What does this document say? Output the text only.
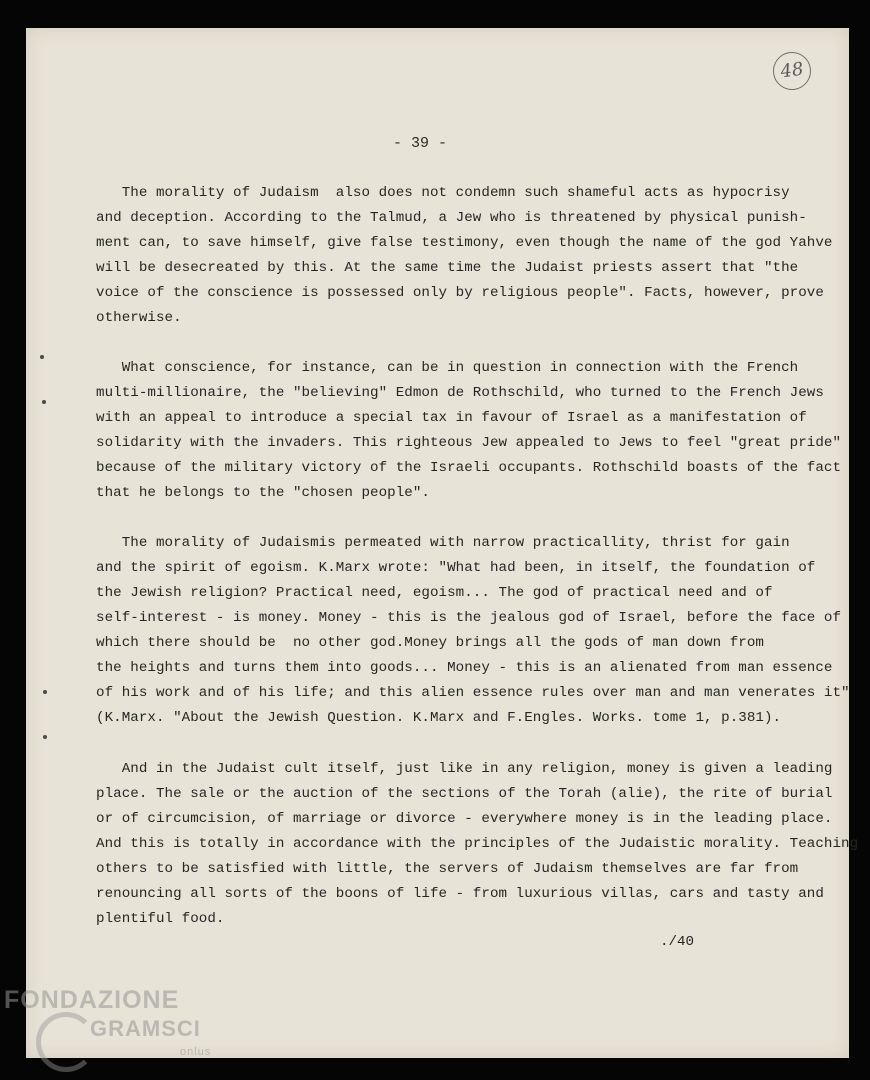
48
- 39 -
The morality of Judaism  also does not condemn such shameful acts as hypocrisy
and deception. According to the Talmud, a Jew who is threatened by physical punish-
ment can, to save himself, give false testimony, even though the name of the god Yahve
will be desecreated by this. At the same time the Judaist priests assert that "the
voice of the conscience is possessed only by religious people". Facts, however, prove
otherwise.
What conscience, for instance, can be in question in connection with the French
multi-millionaire, the "believing" Edmon de Rothschild, who turned to the French Jews
with an appeal to introduce a special tax in favour of Israel as a manifestation of
solidarity with the invaders. This righteous Jew appealed to Jews to feel "great pride"
because of the military victory of the Israeli occupants. Rothschild boasts of the fact
that he belongs to the "chosen people".
The morality of Judaismis permeated with narrow practicallity, thrist for gain
and the spirit of egoism. K.Marx wrote: "What had been, in itself, the foundation of
the Jewish religion? Practical need, egoism... The god of practical need and of
self-interest - is money. Money - this is the jealous god of Israel, before the face of
which there should be  no other god.Money brings all the gods of man down from
the heights and turns them into goods... Money - this is an alienated from man essence
of his work and of his life; and this alien essence rules over man and man venerates it"
(K.Marx. "About the Jewish Question. K.Marx and F.Engles. Works. tome 1, p.381).
And in the Judaist cult itself, just like in any religion, money is given a leading
place. The sale or the auction of the sections of the Torah (alie), the rite of burial
or of circumcision, of marriage or divorce - everywhere money is in the leading place.
And this is totally in accordance with the principles of the Judaistic morality. Teaching
others to be satisfied with little, the servers of Judaism themselves are far from
renouncing all sorts of the boons of life - from luxurious villas, cars and tasty and
plentiful food.
./40
FONDAZIONE
GRAMSCI
onlus
